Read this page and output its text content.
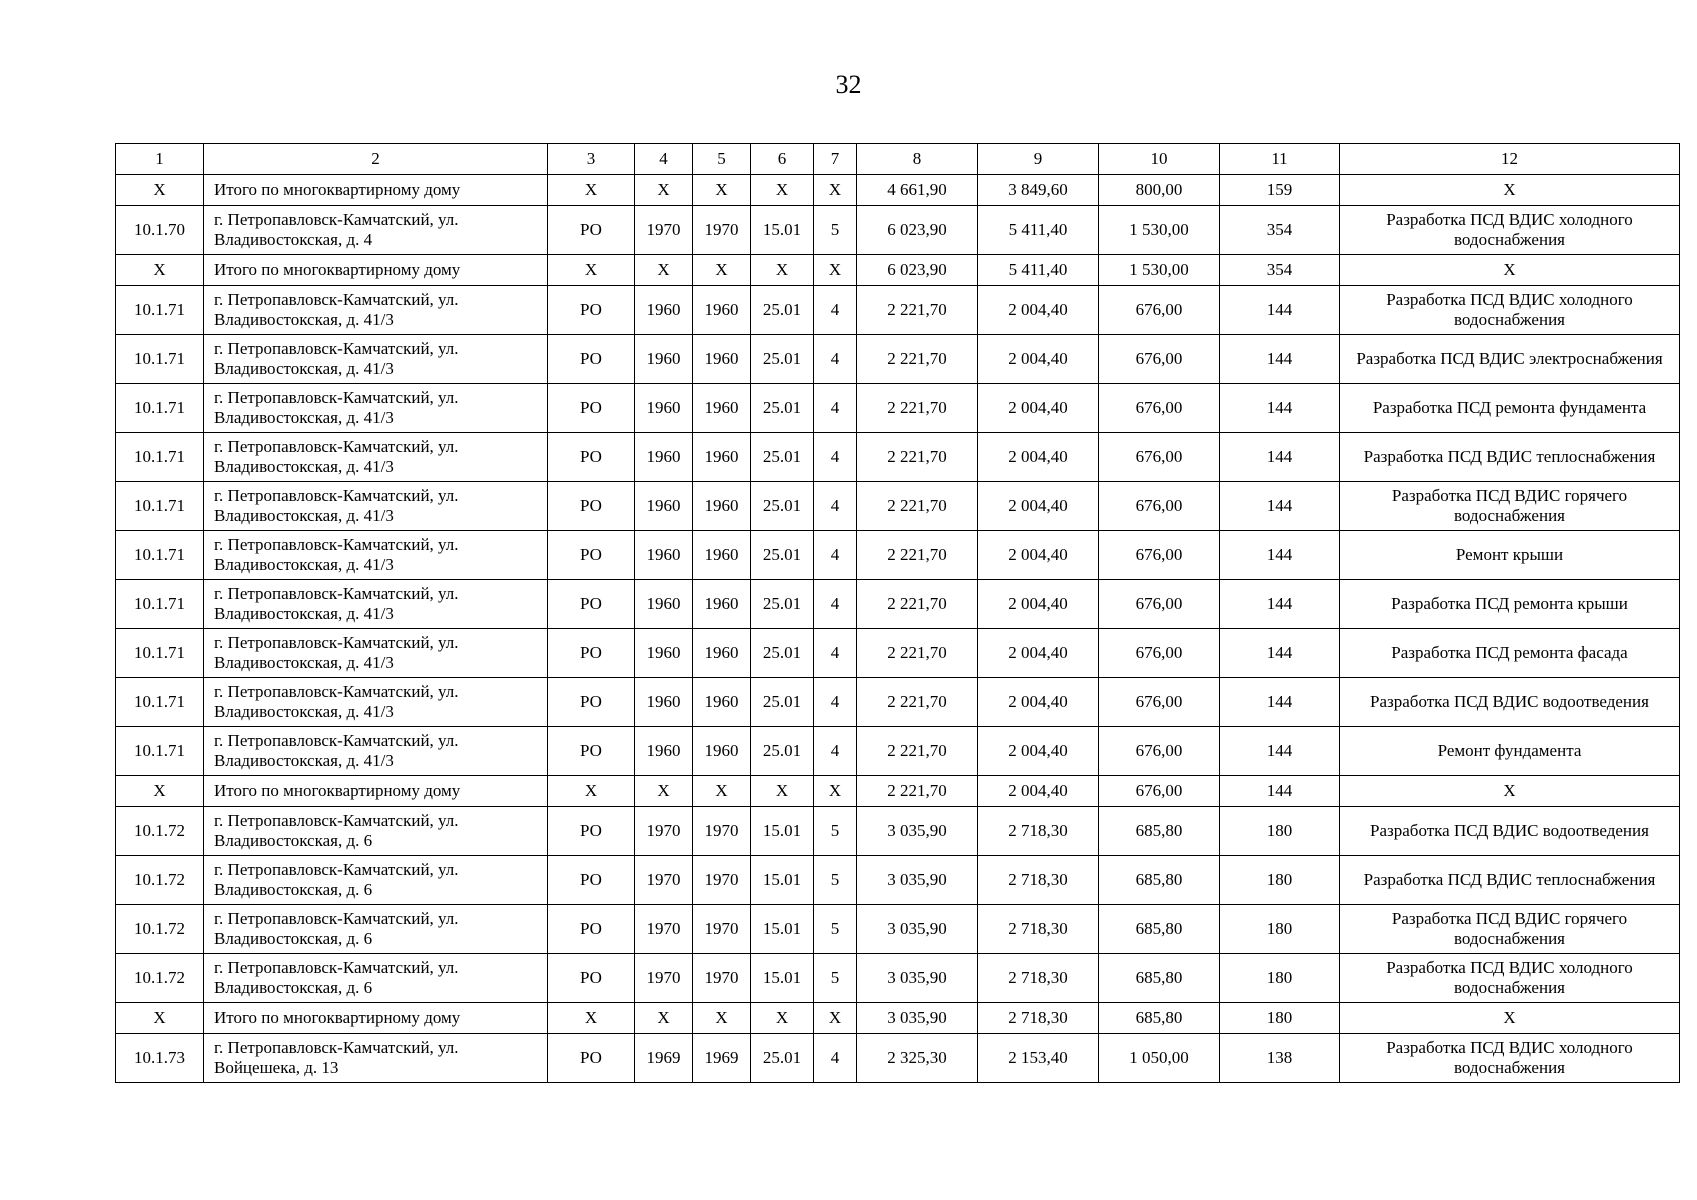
32
1	2	3	4	5	6	7	8	9	10	11	12
Х	Итого по многоквартирному дому	Х	Х	Х	Х	Х	4 661,90	3 849,60	800,00	159	Х
10.1.70	г. Петропавловск-Камчатский, ул. Владивостокская, д. 4	РО	1970	1970	15.01	5	6 023,90	5 411,40	1 530,00	354	Разработка ПСД ВДИС холодного водоснабжения
Х	Итого по многоквартирному дому	Х	Х	Х	Х	Х	6 023,90	5 411,40	1 530,00	354	Х
10.1.71	г. Петропавловск-Камчатский, ул. Владивостокская, д. 41/3	РО	1960	1960	25.01	4	2 221,70	2 004,40	676,00	144	Разработка ПСД ВДИС холодного водоснабжения
10.1.71	г. Петропавловск-Камчатский, ул. Владивостокская, д. 41/3	РО	1960	1960	25.01	4	2 221,70	2 004,40	676,00	144	Разработка ПСД ВДИС электроснабжения
10.1.71	г. Петропавловск-Камчатский, ул. Владивостокская, д. 41/3	РО	1960	1960	25.01	4	2 221,70	2 004,40	676,00	144	Разработка ПСД ремонта фундамента
10.1.71	г. Петропавловск-Камчатский, ул. Владивостокская, д. 41/3	РО	1960	1960	25.01	4	2 221,70	2 004,40	676,00	144	Разработка ПСД ВДИС теплоснабжения
10.1.71	г. Петропавловск-Камчатский, ул. Владивостокская, д. 41/3	РО	1960	1960	25.01	4	2 221,70	2 004,40	676,00	144	Разработка ПСД ВДИС горячего водоснабжения
10.1.71	г. Петропавловск-Камчатский, ул. Владивостокская, д. 41/3	РО	1960	1960	25.01	4	2 221,70	2 004,40	676,00	144	Ремонт крыши
10.1.71	г. Петропавловск-Камчатский, ул. Владивостокская, д. 41/3	РО	1960	1960	25.01	4	2 221,70	2 004,40	676,00	144	Разработка ПСД ремонта крыши
10.1.71	г. Петропавловск-Камчатский, ул. Владивостокская, д. 41/3	РО	1960	1960	25.01	4	2 221,70	2 004,40	676,00	144	Разработка ПСД ремонта фасада
10.1.71	г. Петропавловск-Камчатский, ул. Владивостокская, д. 41/3	РО	1960	1960	25.01	4	2 221,70	2 004,40	676,00	144	Разработка ПСД ВДИС водоотведения
10.1.71	г. Петропавловск-Камчатский, ул. Владивостокская, д. 41/3	РО	1960	1960	25.01	4	2 221,70	2 004,40	676,00	144	Ремонт фундамента
Х	Итого по многоквартирному дому	Х	Х	Х	Х	Х	2 221,70	2 004,40	676,00	144	Х
10.1.72	г. Петропавловск-Камчатский, ул. Владивостокская, д. 6	РО	1970	1970	15.01	5	3 035,90	2 718,30	685,80	180	Разработка ПСД ВДИС водоотведения
10.1.72	г. Петропавловск-Камчатский, ул. Владивостокская, д. 6	РО	1970	1970	15.01	5	3 035,90	2 718,30	685,80	180	Разработка ПСД ВДИС теплоснабжения
10.1.72	г. Петропавловск-Камчатский, ул. Владивостокская, д. 6	РО	1970	1970	15.01	5	3 035,90	2 718,30	685,80	180	Разработка ПСД ВДИС горячего водоснабжения
10.1.72	г. Петропавловск-Камчатский, ул. Владивостокская, д. 6	РО	1970	1970	15.01	5	3 035,90	2 718,30	685,80	180	Разработка ПСД ВДИС холодного водоснабжения
Х	Итого по многоквартирному дому	Х	Х	Х	Х	Х	3 035,90	2 718,30	685,80	180	Х
10.1.73	г. Петропавловск-Камчатский, ул. Войцешека, д. 13	РО	1969	1969	25.01	4	2 325,30	2 153,40	1 050,00	138	Разработка ПСД ВДИС холодного водоснабжения
